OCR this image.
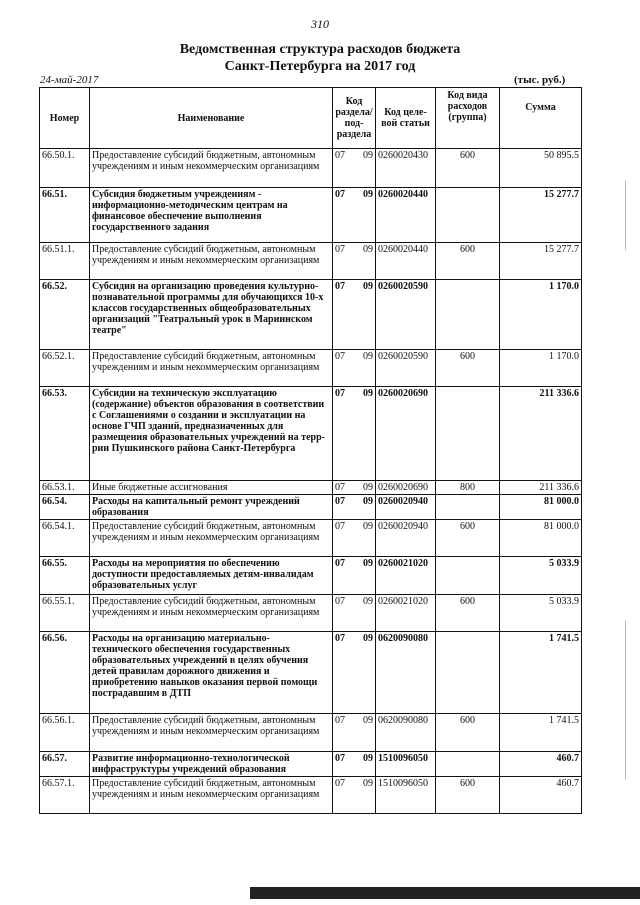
310
Ведомственная структура расходов бюджета
Санкт-Петербурга на 2017 год
24-май-2017	(тыс. руб.)
Номер	Наименование	Код раздела/ под-раздела		Код целе-вой статьи	Код вида расходов (группа)	Сумма
66.50.1.	Предоставление субсидий бюджетным, автономным учреждениям и иным некоммерческим организациям	07	09	0260020430	600	50 895.5
66.51.	Субсидия бюджетным учреждениям - информационно-методическим центрам на финансовое обеспечение выполнения государственного задания	07	09	0260020440		15 277.7
66.51.1.	Предоставление субсидий бюджетным, автономным учреждениям и иным некоммерческим организациям	07	09	0260020440	600	15 277.7
66.52.	Субсидия на организацию проведения культурно-познавательной программы для обучающихся 10-х классов государственных общеобразовательных организаций "Театральный урок в Мариинском театре"	07	09	0260020590		1 170.0
66.52.1.	Предоставление субсидий бюджетным, автономным учреждениям и иным некоммерческим организациям	07	09	0260020590	600	1 170.0
66.53.	Субсидии на техническую эксплуатацию (содержание) объектов образования в соответствии с Соглашениями о создании и эксплуатации на основе ГЧП зданий, предназначенных для размещения образовательных учреждений на терр-рии Пушкинского района Санкт-Петербурга	07	09	0260020690		211 336.6
66.53.1.	Иные бюджетные ассигнования	07	09	0260020690	800	211 336.6
66.54.	Расходы на капитальный ремонт учреждений образования	07	09	0260020940		81 000.0
66.54.1.	Предоставление субсидий бюджетным, автономным учреждениям и иным некоммерческим организациям	07	09	0260020940	600	81 000.0
66.55.	Расходы на мероприятия по обеспечению доступности предоставляемых детям-инвалидам образовательных услуг	07	09	0260021020		5 033.9
66.55.1.	Предоставление субсидий бюджетным, автономным учреждениям и иным некоммерческим организациям	07	09	0260021020	600	5 033.9
66.56.	Расходы на организацию материально-технического обеспечения государственных образовательных учреждений в целях обучения детей правилам дорожного движения и приобретению навыков оказания первой помощи пострадавшим в ДТП	07	09	0620090080		1 741.5
66.56.1.	Предоставление субсидий бюджетным, автономным учреждениям и иным некоммерческим организациям	07	09	0620090080	600	1 741.5
66.57.	Развитие информационно-технологической инфраструктуры учреждений образования	07	09	1510096050		460.7
66.57.1.	Предоставление субсидий бюджетным, автономным учреждениям и иным некоммерческим организациям	07	09	1510096050	600	460.7
